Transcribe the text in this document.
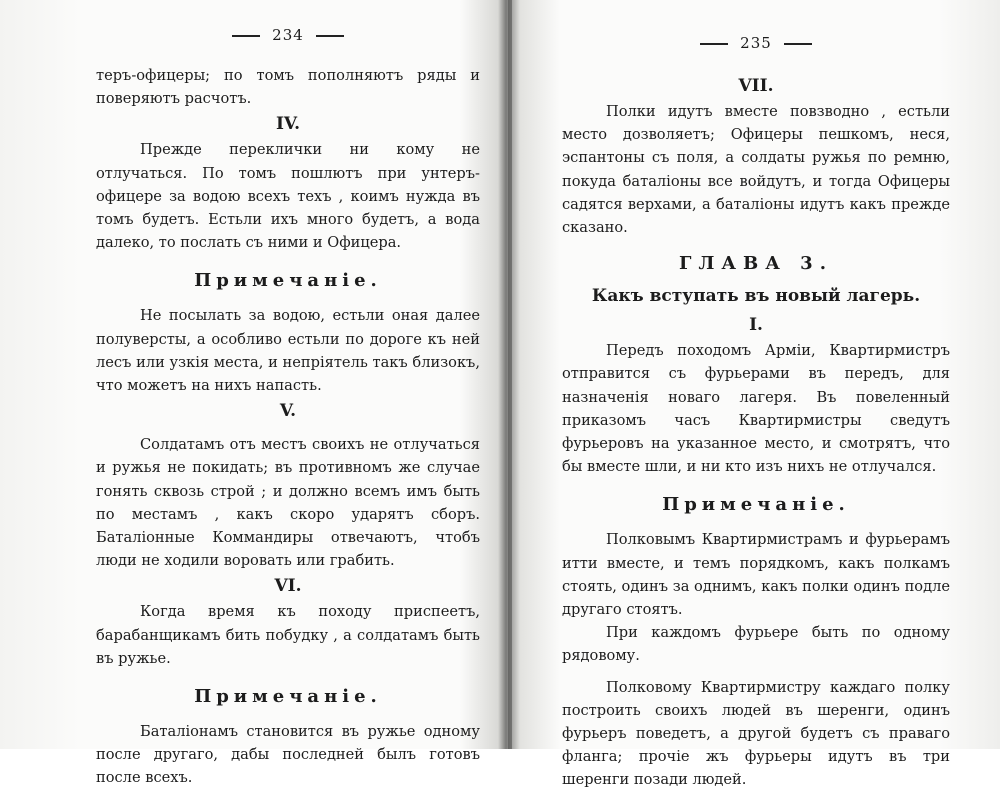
234

теръ-офицеры; по томъ пополняютъ ряды и поверяютъ расчотъ.

IV.

Прежде переклички ни кому не отлучаться. По томъ пошлютъ при унтеръ-офицере за водою всехъ техъ , коимъ нужда въ томъ будетъ. Естьли ихъ много будетъ, а вода далеко, то послать съ ними и Офицера.

Примечаніе.

Не посылать за водою, естьли оная далее полуверсты, а особливо естьли по дороге къ ней лесъ или узкія места, и непріятель такъ близокъ, что можетъ на нихъ напасть.

V.

Солдатамъ отъ местъ своихъ не отлучаться и ружья не покидать; въ противномъ же случае гонять сквозь строй ; и должно всемъ имъ быть по местамъ , какъ скоро ударятъ сборъ. Баталіонные Коммандиры отвечаютъ, чтобъ люди не ходили воровать или грабить.

VI.

Когда время къ походу приспеетъ, барабанщикамъ бить побудку , а солдатамъ быть въ ружье.

Примечаніе.

Баталіонамъ становится въ ружье одному после другаго, дабы последней былъ готовъ после всехъ.

235
VII.

Полки идутъ вместе повзводно , естьли место дозволяетъ; Офицеры пешкомъ, неся, эспантоны съ поля, а солдаты ружья по ремню, покуда баталіоны все войдутъ, и тогда Офицеры садятся верхами, а баталіоны идутъ какъ прежде сказано.

ГЛАВА 3.
Какъ вступать въ новый лагерь.
I.

Передъ походомъ Арміи, Квартирмистръ отправится съ фурьерами въ передъ, для назначенія новаго лагеря. Въ повеленный приказомъ часъ Квартирмистры сведутъ фурьеровъ на указанное место, и смотрятъ, что бы вместе шли, и ни кто изъ нихъ не отлучался.

Примечаніе.

Полковымъ Квартирмистрамъ и фурьерамъ итти вместе, и темъ порядкомъ, какъ полкамъ стоять, одинъ за однимъ, какъ полки одинъ подле другаго стоятъ.

При каждомъ фурьере быть по одному рядовому.

Полковому Квартирмистру каждаго полку построить своихъ людей въ шеренги, одинъ фурьеръ поведетъ, а другой будетъ съ праваго фланга; прочіе жъ фурьеры идутъ въ три шеренги позади людей.
